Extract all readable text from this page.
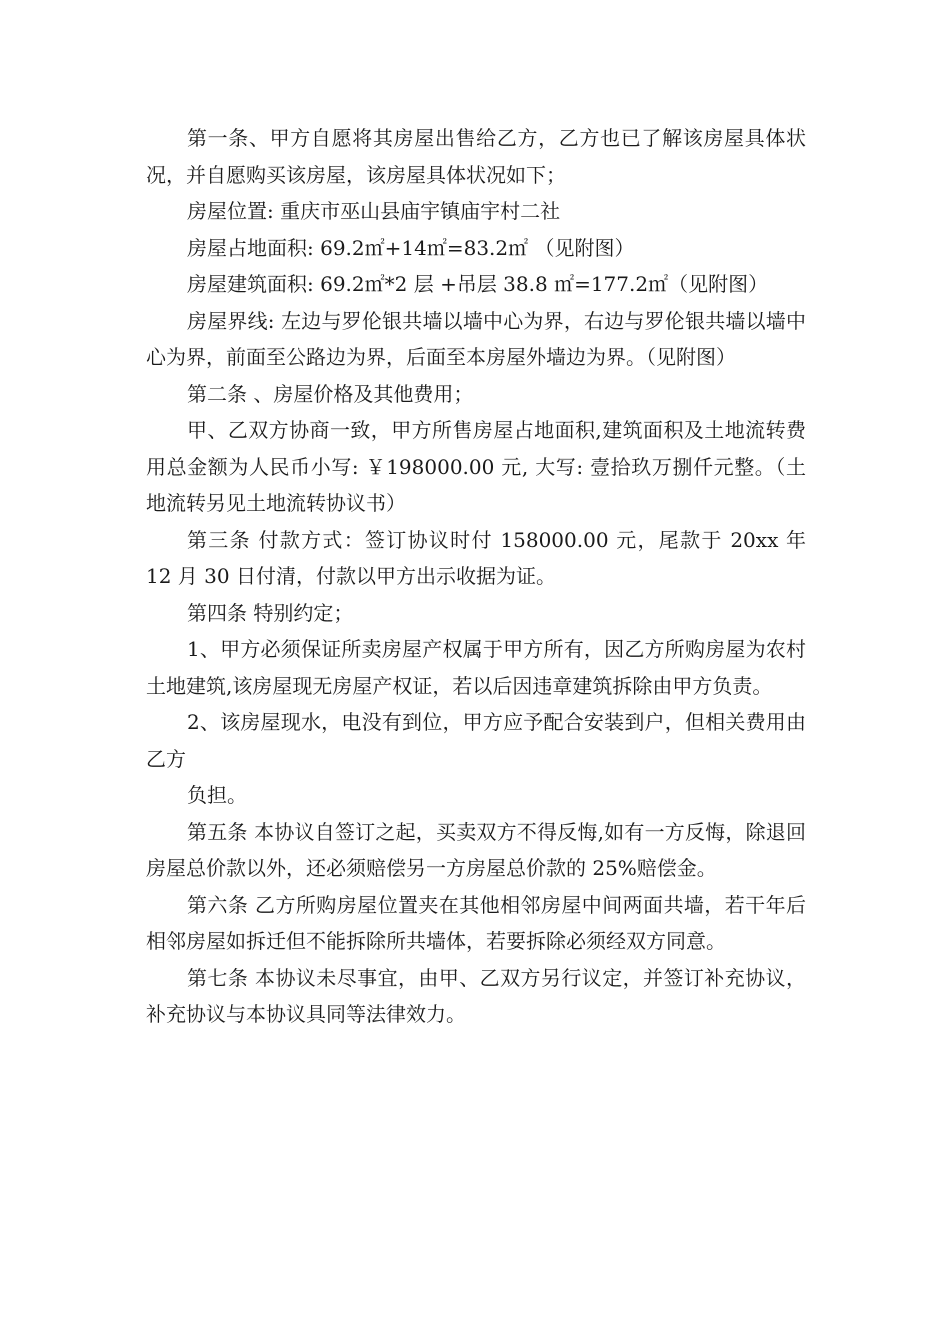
第一条、甲方自愿将其房屋出售给乙方，乙方也已了解该房屋具体状况，并自愿购买该房屋，该房屋具体状况如下；

房屋位置: 重庆市巫山县庙宇镇庙宇村二社

房屋占地面积: 69.2㎡+14㎡=83.2㎡ （见附图）

房屋建筑面积: 69.2㎡*2 层 +吊层 38.8 ㎡=177.2㎡（见附图）

房屋界线: 左边与罗伦银共墙以墙中心为界，右边与罗伦银共墙以墙中心为界，前面至公路边为界，后面至本房屋外墙边为界。（见附图）

第二条 、房屋价格及其他费用；

甲、乙双方协商一致，甲方所售房屋占地面积,建筑面积及土地流转费用总金额为人民币小写: ￥198000.00 元, 大写: 壹拾玖万捌仟元整。（土地流转另见土地流转协议书）

第三条 付款方式：签订协议时付 158000.00 元，尾款于 20xx 年 12 月 30 日付清，付款以甲方出示收据为证。

第四条 特别约定；

1、甲方必须保证所卖房屋产权属于甲方所有，因乙方所购房屋为农村土地建筑,该房屋现无房屋产权证，若以后因违章建筑拆除由甲方负责。

2、该房屋现水，电没有到位，甲方应予配合安装到户，但相关费用由乙方

负担。

第五条 本协议自签订之起，买卖双方不得反悔,如有一方反悔，除退回房屋总价款以外，还必须赔偿另一方房屋总价款的 25%赔偿金。

第六条 乙方所购房屋位置夹在其他相邻房屋中间两面共墙，若干年后相邻房屋如拆迁但不能拆除所共墙体，若要拆除必须经双方同意。

第七条 本协议未尽事宜，由甲、乙双方另行议定，并签订补充协议，补充协议与本协议具同等法律效力。
